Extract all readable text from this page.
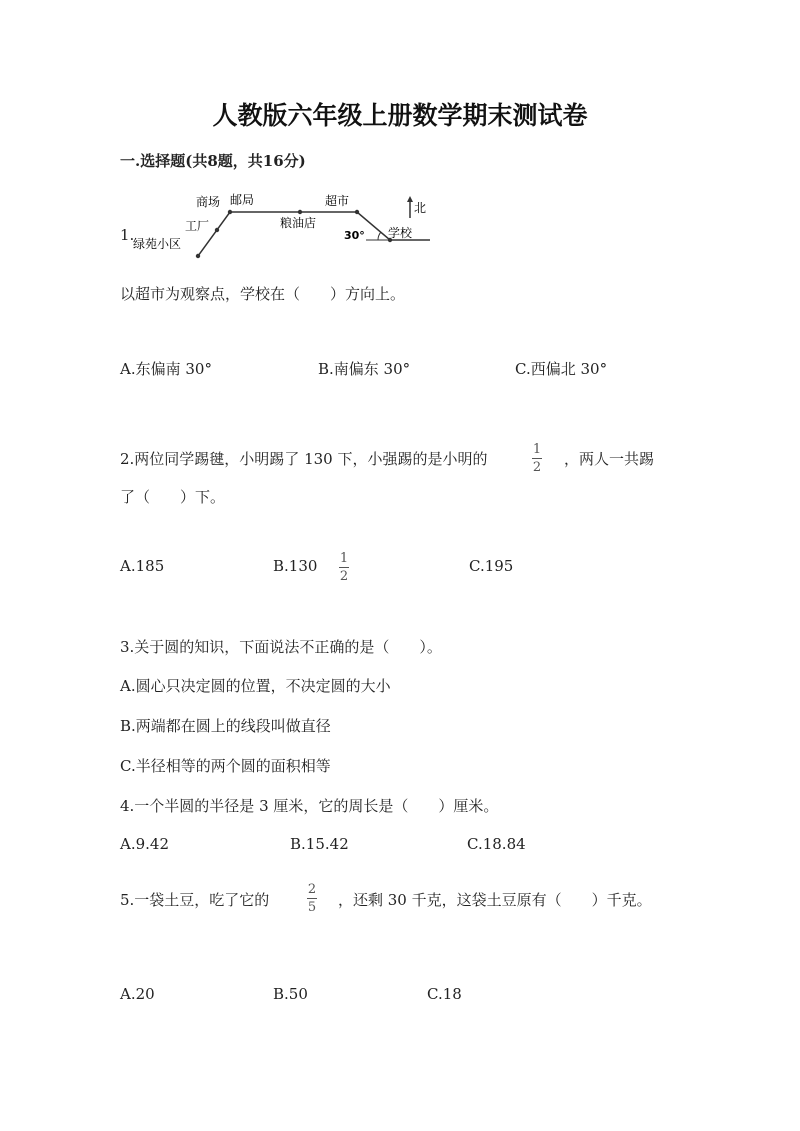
人教版六年级上册数学期末测试卷
一.选择题(共8题，共16分)
1.
商场 邮局	超市	北
工厂	粮油店
30° 学校
绿苑小区
以超市为观察点，学校在（　　）方向上。
A.东偏南 30°	B.南偏东 30°	C.西偏北 30°
2.两位同学踢毽，小明踢了 130 下，小强踢的是小明的
1
2 ，两人一共踢
了（　　）下。
A.185	B.130 1
2
C.195
3.关于圆的知识，下面说法不正确的是（　　）。
A.圆心只决定圆的位置，不决定圆的大小
B.两端都在圆上的线段叫做直径
C.半径相等的两个圆的面积相等
4.一个半圆的半径是 3 厘米，它的周长是（　　）厘米。
A.9.42	B.15.42	C.18.84
5.一袋土豆，吃了它的
2
5 ，还剩 30 千克，这袋土豆原有（　　）千克。
A.20	B.50	C.18
